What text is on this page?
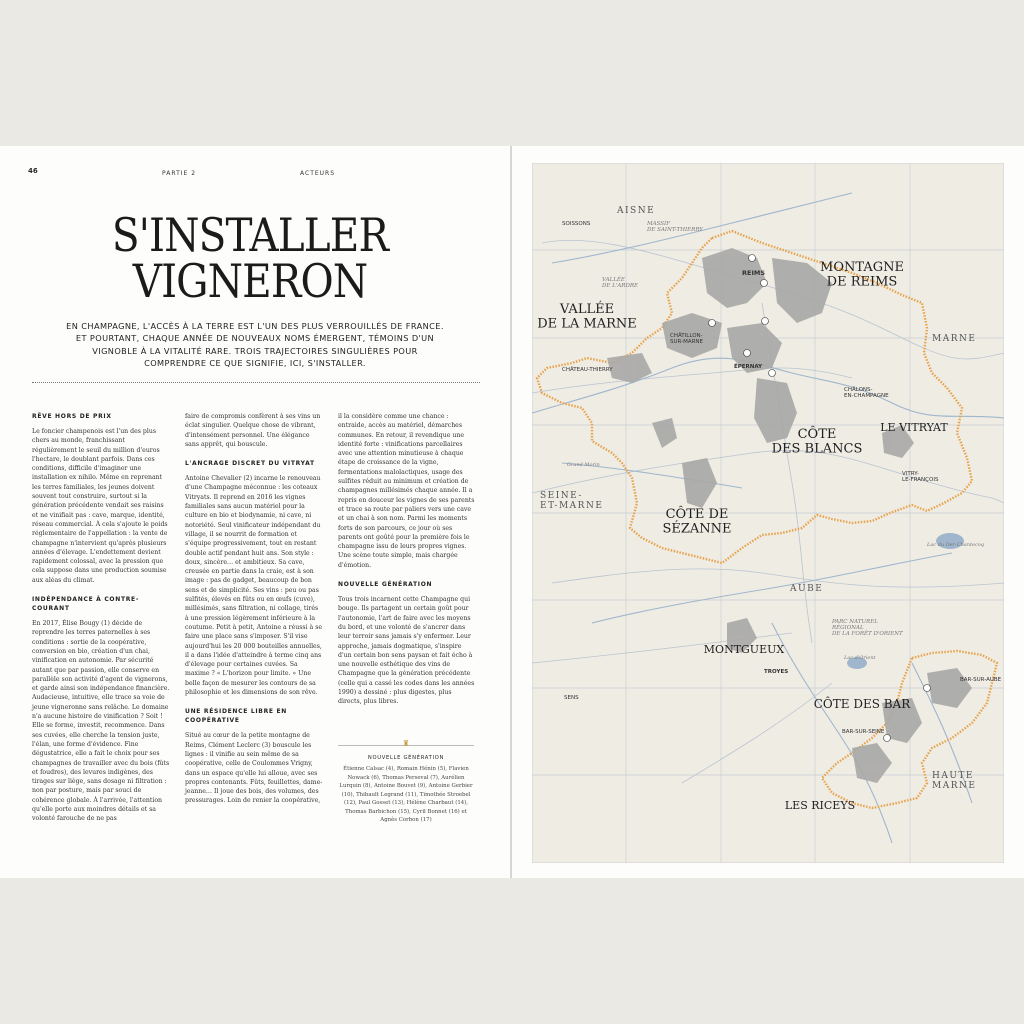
46	PARTIE 2	ACTEURS
S'INSTALLER
VIGNERON
EN CHAMPAGNE, L'ACCÈS À LA TERRE EST L'UN DES PLUS VERROUILLÉS DE FRANCE. ET POURTANT, CHAQUE ANNÉE DE NOUVEAUX NOMS ÉMERGENT, TÉMOINS D'UN VIGNOBLE À LA VITALITÉ RARE. TROIS TRAJECTOIRES SINGULIÈRES POUR COMPRENDRE CE QUE SIGNIFIE, ICI, S'INSTALLER.
RÊVE HORS DE PRIX

Le foncier champenois est l'un des plus chers au monde, franchissant régulièrement le seuil du million d'euros l'hectare, le doublant parfois. Dans ces conditions, difficile d'imaginer une installation ex nihilo. Même en reprenant les terres familiales, les jeunes doivent souvent tout construire, surtout si la génération précédente vendait ses raisins et ne vinifiait pas : cave, marque, identité, réseau commercial. À cela s'ajoute le poids réglementaire de l'appellation : la vente de champagne n'intervient qu'après plusieurs années d'élevage. L'endettement devient rapidement colossal, avec la pression que cela suppose dans une production soumise aux aléas du climat.

INDÉPENDANCE À CONTRE-COURANT

En 2017, Élise Bougy (1) décide de reprendre les terres paternelles à ses conditions : sortie de la coopérative, conversion en bio, création d'un chai, vinification en autonomie. Par sécurité autant que par passion, elle conserve en parallèle son activité d'agent de vignerons, et garde ainsi son indépendance financière. Audacieuse, intuitive, elle trace sa voie de jeune vigneronne sans relâche. Le domaine n'a aucune histoire de vinification ? Soit ! Elle se forme, investit, recommence. Dans ses cuvées, elle cherche la tension juste, l'élan, une forme d'évidence. Fine dégustatrice, elle a fait le choix pour ses champagnes de travailler avec du bois (fûts et foudres), des levures indigènes, des tirages sur liège, sans dosage ni filtration : non par posture, mais par souci de cohérence globale. À l'arrivée, l'attention qu'elle porte aux moindres détails et sa volonté farouche de ne pas

faire de compromis confèrent à ses vins un éclat singulier. Quelque chose de vibrant, d'intensément personnel. Une élégance sans apprêt, qui bouscule.

L'ANCRAGE DISCRET DU VITRYAT

Antoine Chevalier (2) incarne le renouveau d'une Champagne méconnue : les coteaux Vitryats. Il reprend en 2016 les vignes familiales sans aucun matériel pour la culture en bio et biodynamie, ni cave, ni notoriété. Seul vinificateur indépendant du village, il se nourrit de formation et s'équipe progressivement, tout en restant double actif pendant huit ans. Son style : doux, sincère… et ambitieux. Sa cave, creusée en partie dans la craie, est à son image : pas de gadget, beaucoup de bon sens et de simplicité. Ses vins : peu ou pas sulfités, élevés en fûts ou en œufs (cuve), millésimés, sans filtration, ni collage, tirés à une pression légèrement inférieure à la coutume. Petit à petit, Antoine a réussi à se faire une place sans s'imposer. S'il vise aujourd'hui les 20 000 bouteilles annuelles, il a dans l'idée d'atteindre à terme cinq ans d'élevage pour certaines cuvées. Sa maxime ? « L'horizon pour limite. » Une belle façon de mesurer les contours de sa philosophie et les dimensions de son rêve.

UNE RÉSIDENCE LIBRE EN COOPÉRATIVE

Situé au cœur de la petite montagne de Reims, Clément Leclerc (3) bouscule les lignes : il vinifie au sein même de sa coopérative, celle de Coulommes Vrigny, dans un espace qu'elle lui alloue, avec ses propres contenants. Fûts, feuillettes, dame-jeanne… Il joue des bois, des volumes, des pressurages. Loin de renier la coopérative,

il la considère comme une chance : entraide, accès au matériel, démarches communes. En retour, il revendique une identité forte : vinifications parcellaires avec une attention minutieuse à chaque étape de croissance de la vigne, fermentations malolactiques, usage des sulfites réduit au minimum et création de champagnes millésimés chaque année. Il a repris en douceur les vignes de ses parents et trace sa route par paliers vers une cave et un chai à son nom. Parmi les moments forts de son parcours, ce jour où ses parents ont goûté pour la première fois le champagne issu de leurs propres vignes. Une scène toute simple, mais chargée d'émotion.

NOUVELLE GÉNÉRATION

Tous trois incarnent cette Champagne qui bouge. Ils partagent un certain goût pour l'autonomie, l'art de faire avec les moyens du bord, et une volonté de s'ancrer dans leur terroir sans jamais s'y enfermer. Leur approche, jamais dogmatique, s'inspire d'un certain bon sens paysan et fait écho à une nouvelle esthétique des vins de Champagne que la génération précédente (celle qui a cassé les codes dans les années 1990) a dessiné : plus digestes, plus directs, plus libres.

♜
NOUVELLE GÉNÉRATION
Étienne Calsac (4), Romain Hénin (5), Flavien Nowack (6), Thomas Perseval (7), Aurélien Lurquin (8), Antoine Bouvet (9), Antoine Gerbier (10), Thibault Legrand (11), Timothée Stroebel (12), Paul Gosset (13), Hélène Charbaut (14), Thomas Barbichon (15), Cyril Bonnet (16) et Agnès Corbon (17)
MONTAGNE DE REIMS
VALLÉE DE LA MARNE
CÔTE DES BLANCS
LE VITRYAT
CÔTE DE SÉZANNE
MONTGUEUX
CÔTE DES BAR
LES RICEYS
AISNE
MARNE
SEINE-ET-MARNE
AUBE
HAUTE MARNE
MASSIF DE SAINT-THIERRY
VALLÉE DE L'ARDRE
PARC NATUREL RÉGIONAL DE LA FORÊT D'ORIENT
Lac du Der-Chantecoq
Lac d'Orient
Grand Morin
SOISSONS
REIMS
CHÂTILLON-SUR-MARNE
ÉPERNAY
CHÂTEAU-THIERRY
CHÂLONS-EN-CHAMPAGNE
VITRY-LE-FRANÇOIS
TROYES
BAR-SUR-AUBE
BAR-SUR-SEINE
SENS
